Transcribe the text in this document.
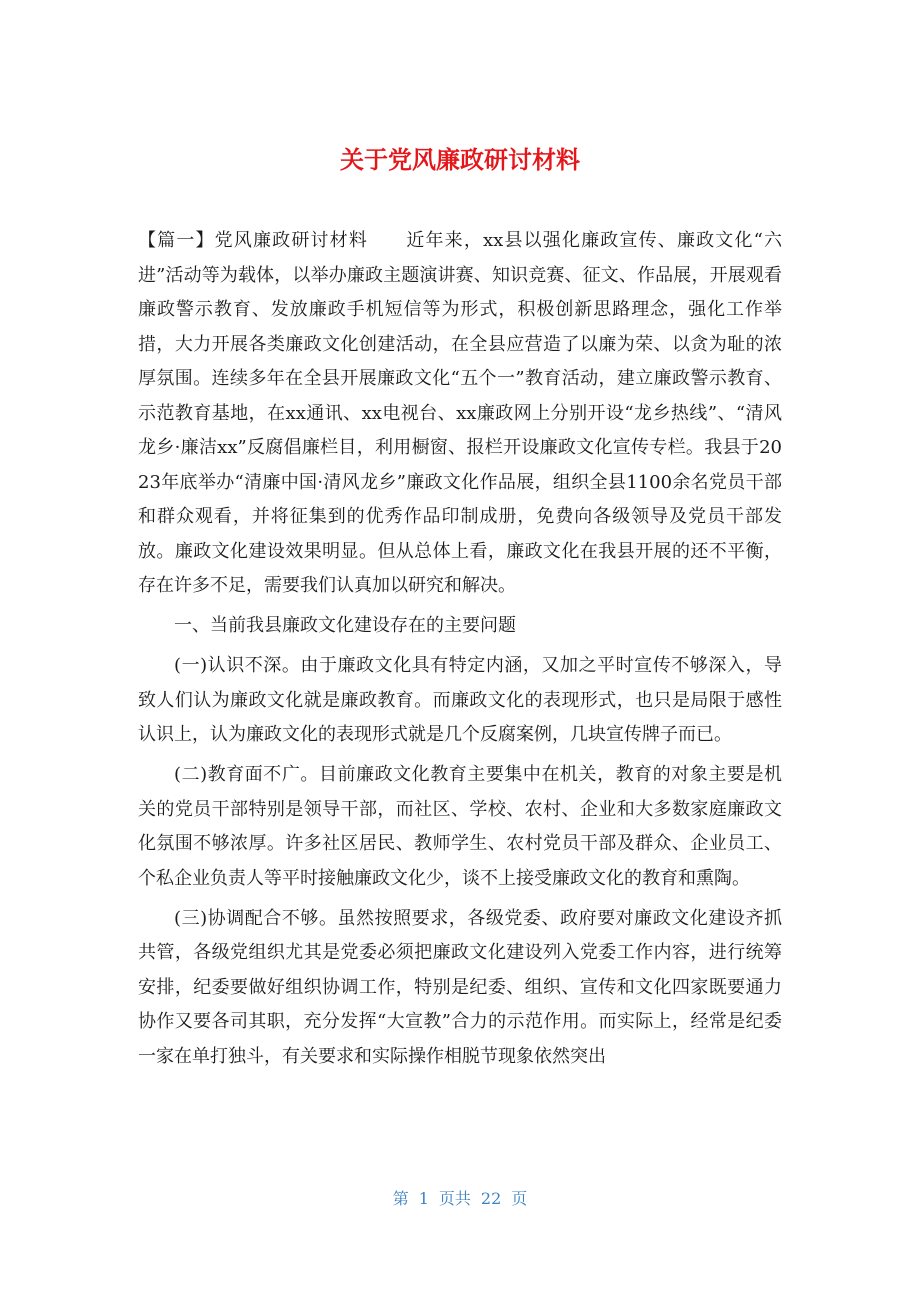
关于党风廉政研讨材料

【篇一】党风廉政研讨材料　　近年来，xx县以强化廉政宣传、廉政文化“六进”活动等为载体，以举办廉政主题演讲赛、知识竞赛、征文、作品展，开展观看廉政警示教育、发放廉政手机短信等为形式，积极创新思路理念，强化工作举措，大力开展各类廉政文化创建活动，在全县应营造了以廉为荣、以贪为耻的浓厚氛围。连续多年在全县开展廉政文化“五个一”教育活动，建立廉政警示教育、示范教育基地，在xx通讯、xx电视台、xx廉政网上分别开设“龙乡热线”、“清风龙乡·廉洁xx”反腐倡廉栏目，利用橱窗、报栏开设廉政文化宣传专栏。我县于2023年底举办“清廉中国·清风龙乡”廉政文化作品展，组织全县1100余名党员干部和群众观看，并将征集到的优秀作品印制成册，免费向各级领导及党员干部发放。廉政文化建设效果明显。但从总体上看，廉政文化在我县开展的还不平衡，存在许多不足，需要我们认真加以研究和解决。

一、当前我县廉政文化建设存在的主要问题

(一)认识不深。由于廉政文化具有特定内涵，又加之平时宣传不够深入，导致人们认为廉政文化就是廉政教育。而廉政文化的表现形式，也只是局限于感性认识上，认为廉政文化的表现形式就是几个反腐案例，几块宣传牌子而已。

(二)教育面不广。目前廉政文化教育主要集中在机关，教育的对象主要是机关的党员干部特别是领导干部，而社区、学校、农村、企业和大多数家庭廉政文化氛围不够浓厚。许多社区居民、教师学生、农村党员干部及群众、企业员工、个私企业负责人等平时接触廉政文化少，谈不上接受廉政文化的教育和熏陶。

(三)协调配合不够。虽然按照要求，各级党委、政府要对廉政文化建设齐抓共管，各级党组织尤其是党委必须把廉政文化建设列入党委工作内容，进行统筹安排，纪委要做好组织协调工作，特别是纪委、组织、宣传和文化四家既要通力协作又要各司其职，充分发挥“大宣教”合力的示范作用。而实际上，经常是纪委一家在单打独斗，有关要求和实际操作相脱节现象依然突出

第 1 页共 22 页
